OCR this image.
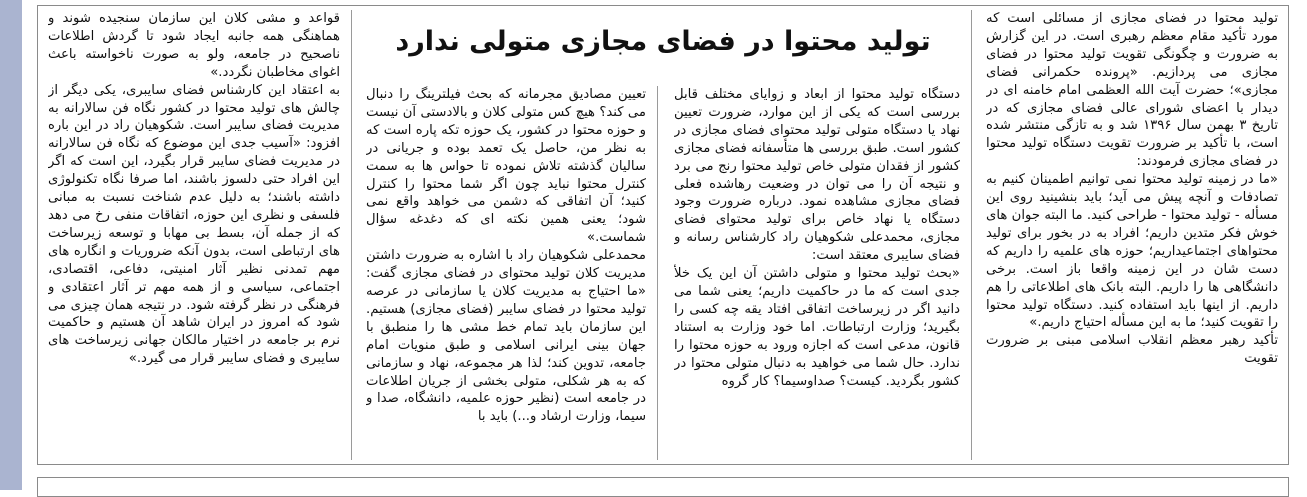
تولید محتوا در فضای مجازی متولی ندارد

تولید محتوا در فضای مجازی از مسائلی است که مورد تأکید مقام معظم رهبری است. در این گزارش به ضرورت و چگونگی تقویت تولید محتوا در فضای مجازی می پردازیم. «پرونده حکمرانی فضای مجازی»؛ حضرت آیت الله العظمی امام خامنه ای در دیدار با اعضای شورای عالی فضای مجازی که در تاریخ ۳ بهمن سال ۱۳۹۶ شد و به تازگی منتشر شده است، با تأکید بر ضرورت تقویت دستگاه تولید محتوا در فضای مجازی فرمودند:

«ما در زمینه تولید محتوا نمی توانیم اطمینان کنیم به تصادفات و آنچه پیش می آید؛ باید بنشینید روی این مسأله - تولید محتوا - طراحی کنید. ما البته جوان های خوش فکر متدین داریم؛ افراد به در بخور برای تولید محتواهای اجتماعیداریم؛ حوزه های علمیه را داریم که دست شان در این زمینه واقعا باز است. برخی دانشگاهی ها را داریم. البته بانک های اطلاعاتی را هم داریم. از اینها باید استفاده کنید. دستگاه تولید محتوا را تقویت کنید؛ ما به این مسأله احتیاج داریم.»

تأکید رهبر معظم انقلاب اسلامی مبنی بر ضرورت تقویت

دستگاه تولید محتوا از ابعاد و زوایای مختلف قابل بررسی است که یکی از این موارد، ضرورت تعیین نهاد یا دستگاه متولی تولید محتوای فضای مجازی در کشور است. طبق بررسی ها متأسفانه فضای مجازی کشور از فقدان متولی خاص تولید محتوا رنج می برد و نتیجه آن را می توان در وضعیت رهاشده فعلی فضای مجازی مشاهده نمود. درباره ضرورت وجود دستگاه یا نهاد خاص برای تولید محتوای فضای مجازی، محمدعلی شکوهیان راد کارشناس رسانه و فضای سایبری معتقد است:

«بحث تولید محتوا و متولی داشتن آن این یک خلأ جدی است که ما در حاکمیت داریم؛ یعنی شما می دانید اگر در زیرساخت اتفاقی افتاد یقه چه کسی را بگیرید؛ وزارت ارتباطات. اما خود وزارت به استناد قانون، مدعی است که اجازه ورود به حوزه محتوا را ندارد. حال شما می خواهید به دنبال متولی محتوا در کشور بگردید. کیست؟ صداوسیما؟ کار گروه

تعیین مصادیق مجرمانه که بحث فیلترینگ را دنبال می کند؟ هیچ کس متولی کلان و بالادستی آن نیست و حوزه محتوا در کشور، یک حوزه تکه پاره است که به نظر من، حاصل یک تعمد بوده و جریانی در سالیان گذشته تلاش نموده تا حواس ها به سمت کنترل محتوا نباید چون اگر شما محتوا را کنترل کنید؛ آن اتفاقی که دشمن می خواهد واقع نمی شود؛ یعنی همین نکته ای که دغدغه سؤال شماست.»

محمدعلی شکوهیان راد با اشاره به ضرورت داشتن مدیریت کلان تولید محتوای در فضای مجازی گفت: «ما احتیاج به مدیریت کلان یا سازمانی در عرصه تولید محتوا در فضای سایبر (فضای مجازی) هستیم. این سازمان باید تمام خط مشی ها را منطبق با جهان بینی ایرانی اسلامی و طبق منویات امام جامعه، تدوین کند؛ لذا هر مجموعه، نهاد و سازمانی که به هر شکلی، متولی بخشی از جریان اطلاعات در جامعه است (نظیر حوزه علمیه، دانشگاه، صدا و سیما، وزارت ارشاد و...) باید با

قواعد و مشی کلان این سازمان سنجیده شوند و هماهنگی همه جانبه ایجاد شود تا گردش اطلاعات ناصحیح در جامعه، ولو به صورت ناخواسته باعث اغوای مخاطبان نگردد.»

به اعتقاد این کارشناس فضای سایبری، یکی دیگر از چالش های تولید محتوا در کشور نگاه فن سالارانه به مدیریت فضای سایبر است. شکوهیان راد در این باره افزود: «آسیب جدی این موضوع که نگاه فن سالارانه در مدیریت فضای سایبر قرار بگیرد، این است که اگر این افراد حتی دلسوز باشند، اما صرفا نگاه تکنولوژی داشته باشند؛ به دلیل عدم شناخت نسبت به مبانی فلسفی و نظری این حوزه، اتفاقات منفی رخ می دهد که از جمله آن، بسط بی مهابا و توسعه زیرساخت های ارتباطی است، بدون آنکه ضروریات و انگاره های مهم تمدنی نظیر آثار امنیتی، دفاعی، اقتصادی، اجتماعی، سیاسی و از همه مهم تر آثار اعتقادی و فرهنگی در نظر گرفته شود. در نتیجه همان چیزی می شود که امروز در ایران شاهد آن هستیم و حاکمیت نرم بر جامعه در اختیار مالکان جهانی زیرساخت های سایبری و فضای سایبر قرار می گیرد.»
